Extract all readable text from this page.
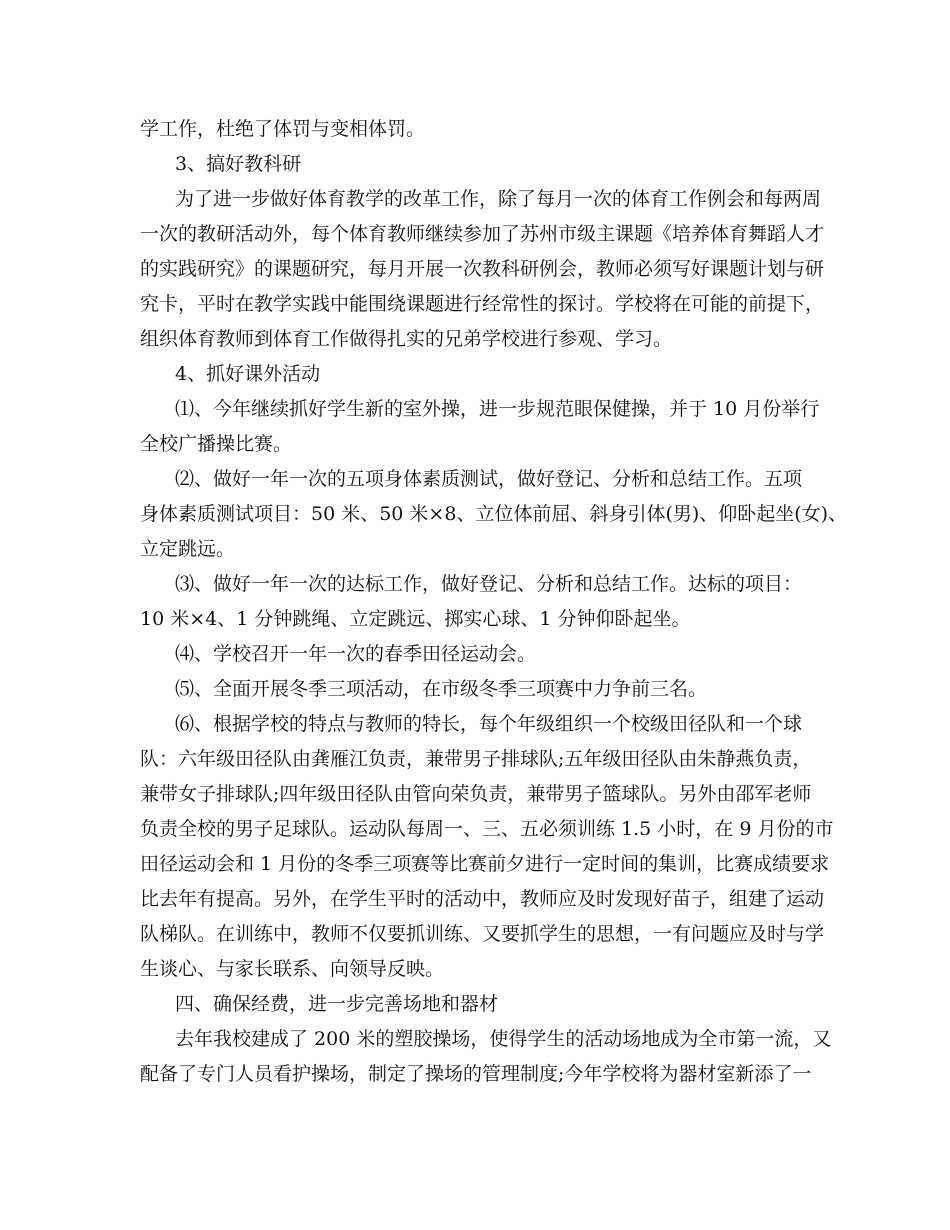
学工作，杜绝了体罚与变相体罚。
3、搞好教科研
为了进一步做好体育教学的改革工作，除了每月一次的体育工作例会和每两周
一次的教研活动外，每个体育教师继续参加了苏州市级主课题《培养体育舞蹈人才
的实践研究》的课题研究，每月开展一次教科研例会，教师必须写好课题计划与研
究卡，平时在教学实践中能围绕课题进行经常性的探讨。学校将在可能的前提下，
组织体育教师到体育工作做得扎实的兄弟学校进行参观、学习。
4、抓好课外活动
⑴、今年继续抓好学生新的室外操，进一步规范眼保健操，并于 10 月份举行
全校广播操比赛。
⑵、做好一年一次的五项身体素质测试，做好登记、分析和总结工作。五项
身体素质测试项目：50 米、50 米×8、立位体前屈、斜身引体(男)、仰卧起坐(女)、
立定跳远。
⑶、做好一年一次的达标工作，做好登记、分析和总结工作。达标的项目：
10 米×4、1 分钟跳绳、立定跳远、掷实心球、1 分钟仰卧起坐。
⑷、学校召开一年一次的春季田径运动会。
⑸、全面开展冬季三项活动，在市级冬季三项赛中力争前三名。
⑹、根据学校的特点与教师的特长，每个年级组织一个校级田径队和一个球
队：六年级田径队由龚雁江负责，兼带男子排球队;五年级田径队由朱静燕负责，
兼带女子排球队;四年级田径队由管向荣负责，兼带男子篮球队。另外由邵军老师
负责全校的男子足球队。运动队每周一、三、五必须训练 1.5 小时，在 9 月份的市
田径运动会和 1 月份的冬季三项赛等比赛前夕进行一定时间的集训，比赛成绩要求
比去年有提高。另外，在学生平时的活动中，教师应及时发现好苗子，组建了运动
队梯队。在训练中，教师不仅要抓训练、又要抓学生的思想，一有问题应及时与学
生谈心、与家长联系、向领导反映。
四、确保经费，进一步完善场地和器材
去年我校建成了 200 米的塑胶操场，使得学生的活动场地成为全市第一流，又
配备了专门人员看护操场，制定了操场的管理制度;今年学校将为器材室新添了一
